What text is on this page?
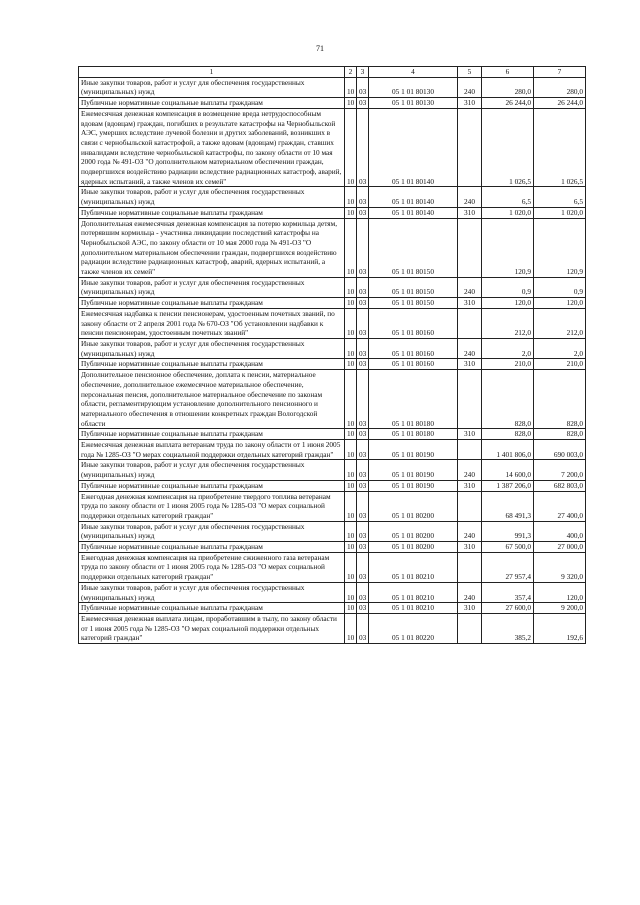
71
1	2	3	4	5	6	7
Иные закупки товаров, работ и услуг для обеспечения государственных (муниципальных) нужд	10	03	05 1 01 80130	240	280,0	280,0
Публичные нормативные социальные выплаты гражданам	10	03	05 1 01 80130	310	26 244,0	26 244,0
Ежемесячная денежная компенсация в возмещение вреда нетрудоспособным вдовам (вдовцам) граждан, погибших в результате катастрофы на Чернобыльской АЭС, умерших вследствие лучевой болезни и других заболеваний, возникших в связи с чернобыльской катастрофой, а также вдовам (вдовцам) граждан, ставших инвалидами вследствие чернобыльской катастрофы, по закону области от 10 мая 2000 года № 491-ОЗ "О дополнительном материальном обеспечении граждан, подвергшихся воздействию радиации вследствие радиационных катастроф, аварий, ядерных испытаний, а также членов их семей"	10	03	05 1 01 80140		1 026,5	1 026,5
Иные закупки товаров, работ и услуг для обеспечения государственных (муниципальных) нужд	10	03	05 1 01 80140	240	6,5	6,5
Публичные нормативные социальные выплаты гражданам	10	03	05 1 01 80140	310	1 020,0	1 020,0
Дополнительная ежемесячная денежная компенсация за потерю кормильца детям, потерявшим кормильца - участника ликвидации последствий катастрофы на Чернобыльской АЭС, по закону области от 10 мая 2000 года № 491-ОЗ "О дополнительном материальном обеспечении граждан, подвергшихся воздействию радиации вследствие радиационных катастроф, аварий, ядерных испытаний, а также членов их семей"	10	03	05 1 01 80150		120,9	120,9
Иные закупки товаров, работ и услуг для обеспечения государственных (муниципальных) нужд	10	03	05 1 01 80150	240	0,9	0,9
Публичные нормативные социальные выплаты гражданам	10	03	05 1 01 80150	310	120,0	120,0
Ежемесячная надбавка к пенсии пенсионерам, удостоенным почетных званий, по закону области от 2 апреля 2001 года № 670-ОЗ "Об установлении надбавки к пенсии пенсионерам, удостоенным почетных званий"	10	03	05 1 01 80160		212,0	212,0
Иные закупки товаров, работ и услуг для обеспечения государственных (муниципальных) нужд	10	03	05 1 01 80160	240	2,0	2,0
Публичные нормативные социальные выплаты гражданам	10	03	05 1 01 80160	310	210,0	210,0
Дополнительное пенсионное обеспечение, доплата к пенсии, материальное обеспечение, дополнительное ежемесячное материальное обеспечение, персональная пенсия, дополнительное материальное обеспечение по законам области, регламентирующим установление дополнительного пенсионного и материального обеспечения в отношении конкретных граждан Вологодской области	10	03	05 1 01 80180		828,0	828,0
Публичные нормативные социальные выплаты гражданам	10	03	05 1 01 80180	310	828,0	828,0
Ежемесячная денежная выплата ветеранам труда по закону области от 1 июня 2005 года № 1285-ОЗ "О мерах социальной поддержки отдельных категорий граждан"	10	03	05 1 01 80190		1 401 806,0	690 003,0
Иные закупки товаров, работ и услуг для обеспечения государственных (муниципальных) нужд	10	03	05 1 01 80190	240	14 600,0	7 200,0
Публичные нормативные социальные выплаты гражданам	10	03	05 1 01 80190	310	1 387 206,0	682 803,0
Ежегодная денежная компенсация на приобретение твердого топлива ветеранам труда по закону области от 1 июня 2005 года № 1285-ОЗ "О мерах социальной поддержки отдельных категорий граждан"	10	03	05 1 01 80200		68 491,3	27 400,0
Иные закупки товаров, работ и услуг для обеспечения государственных (муниципальных) нужд	10	03	05 1 01 80200	240	991,3	400,0
Публичные нормативные социальные выплаты гражданам	10	03	05 1 01 80200	310	67 500,0	27 000,0
Ежегодная денежная компенсация на приобретение сжиженного газа ветеранам труда по закону области от 1 июня 2005 года № 1285-ОЗ "О мерах социальной поддержки отдельных категорий граждан"	10	03	05 1 01 80210		27 957,4	9 320,0
Иные закупки товаров, работ и услуг для обеспечения государственных (муниципальных) нужд	10	03	05 1 01 80210	240	357,4	120,0
Публичные нормативные социальные выплаты гражданам	10	03	05 1 01 80210	310	27 600,0	9 200,0
Ежемесячная денежная выплата лицам, проработавшим в тылу, по закону области от 1 июня 2005 года № 1285-ОЗ "О мерах социальной поддержки отдельных категорий граждан"	10	03	05 1 01 80220		385,2	192,6
